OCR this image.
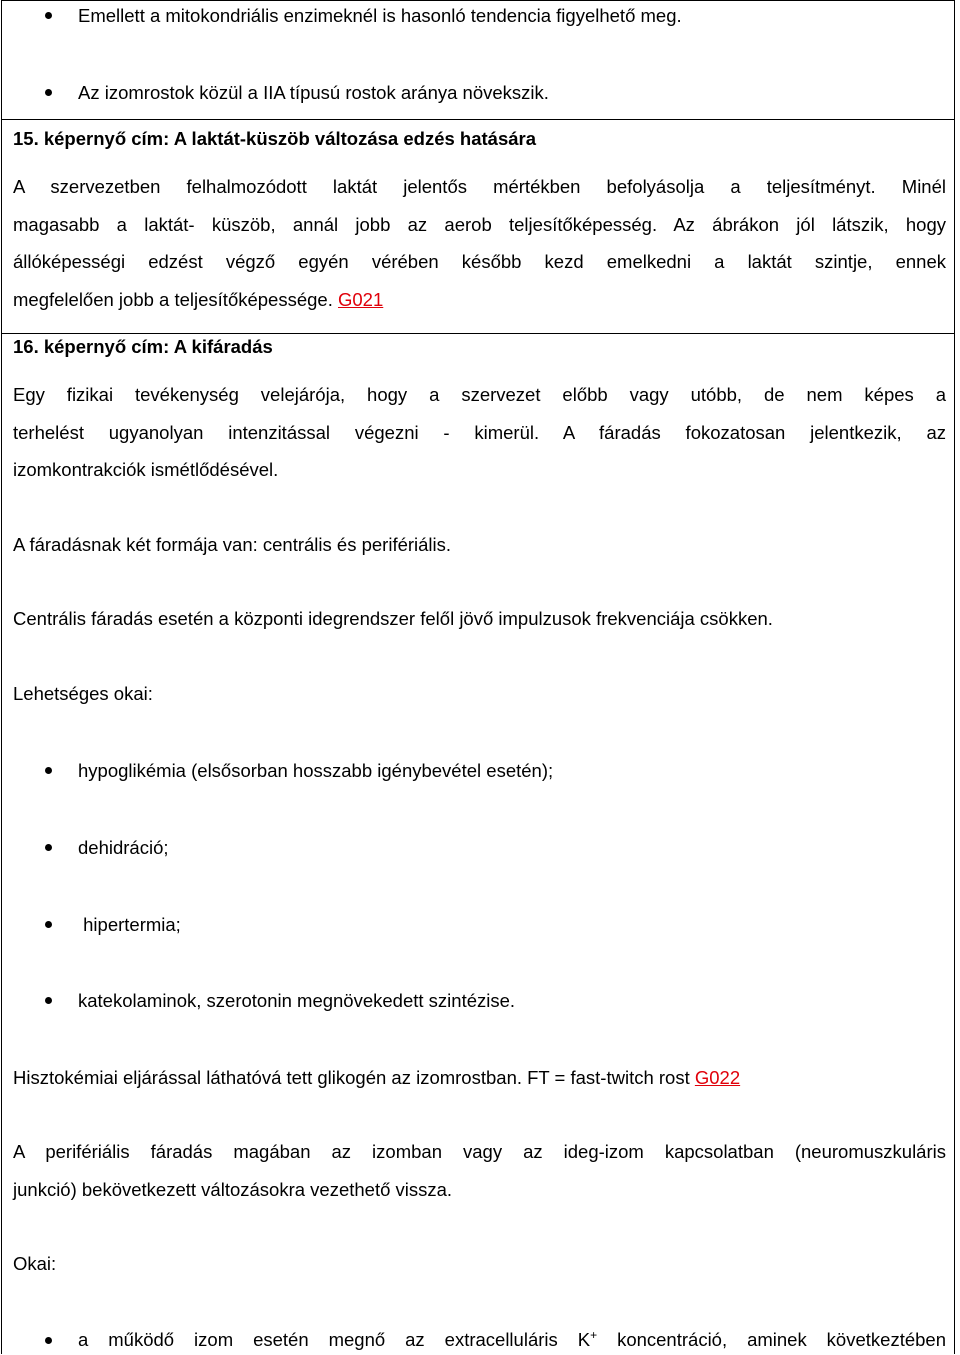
Emellett a mitokondriális enzimeknél is hasonló tendencia figyelhető meg.
Az izomrostok közül a IIA típusú rostok aránya növekszik.
15. képernyő cím: A laktát-küszöb változása edzés hatására
A szervezetben felhalmozódott laktát jelentős mértékben befolyásolja a teljesítményt. Minél
magasabb a laktát- küszöb, annál jobb az aerob teljesítőképesség. Az ábrákon jól látszik, hogy
állóképességi edzést végző egyén vérében később kezd emelkedni a laktát szintje, ennek
megfelelően jobb a teljesítőképessége. G021
16. képernyő cím: A kifáradás
Egy fizikai tevékenység velejárója, hogy a szervezet előbb vagy utóbb, de nem képes a
terhelést ugyanolyan intenzitással végezni - kimerül. A fáradás fokozatosan jelentkezik, az
izomkontrakciók ismétlődésével.
A fáradásnak két formája van: centrális és perifériális.
Centrális fáradás esetén a központi idegrendszer felől jövő impulzusok frekvenciája csökken.
Lehetséges okai:
hypoglikémia (elsősorban hosszabb igénybevétel esetén);
dehidráció;
hipertermia;
katekolaminok, szerotonin megnövekedett szintézise.
Hisztokémiai eljárással láthatóvá tett glikogén az izomrostban. FT = fast-twitch rost G022
A perifériális fáradás magában az izomban vagy az ideg-izom kapcsolatban (neuromuszkuláris
junkció) bekövetkezett változásokra vezethető vissza.
Okai:
a működő izom esetén megnő az extracelluláris K+ koncentráció, aminek következtében
